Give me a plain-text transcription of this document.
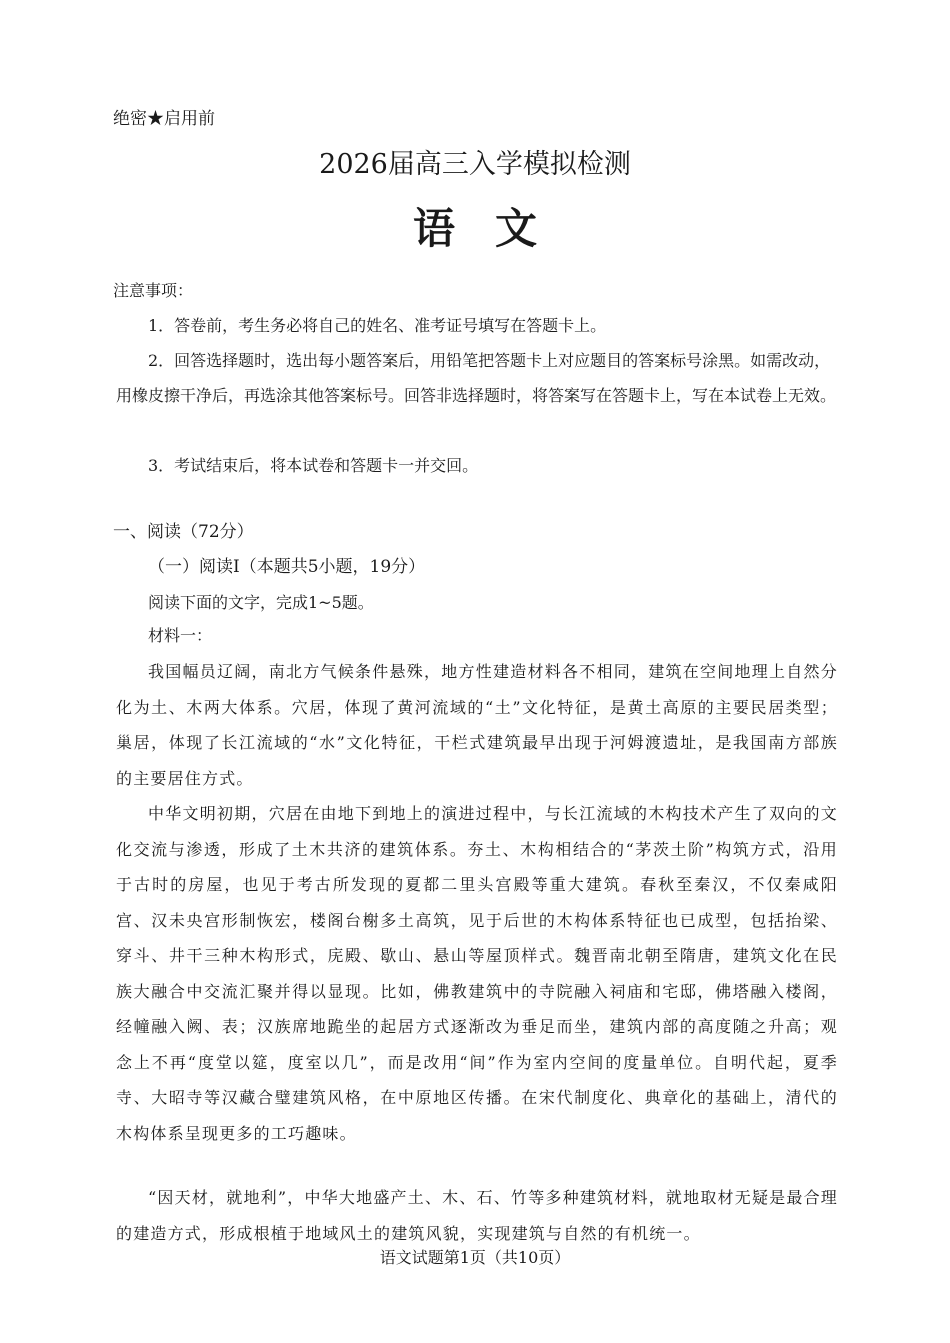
绝密★启用前
2026届高三入学模拟检测
语文
注意事项：
1．答卷前，考生务必将自己的姓名、准考证号填写在答题卡上。
2．回答选择题时，选出每小题答案后，用铅笔把答题卡上对应题目的答案标号涂黑。如需改动，用橡皮擦干净后，再选涂其他答案标号。回答非选择题时，将答案写在答题卡上，写在本试卷上无效。
3．考试结束后，将本试卷和答题卡一并交回。
一、阅读（72分）
（一）阅读Ⅰ（本题共5小题，19分）
阅读下面的文字，完成1~5题。
材料一：
我国幅员辽阔，南北方气候条件悬殊，地方性建造材料各不相同，建筑在空间地理上自然分化为土、木两大体系。穴居，体现了黄河流域的“土”文化特征，是黄土高原的主要民居类型；巢居，体现了长江流域的“水”文化特征，干栏式建筑最早出现于河姆渡遗址，是我国南方部族的主要居住方式。
中华文明初期，穴居在由地下到地上的演进过程中，与长江流域的木构技术产生了双向的文化交流与渗透，形成了土木共济的建筑体系。夯土、木构相结合的“茅茨土阶”构筑方式，沿用于古时的房屋，也见于考古所发现的夏都二里头宫殿等重大建筑。春秋至秦汉，不仅秦咸阳宫、汉未央宫形制恢宏，楼阁台榭多土高筑，见于后世的木构体系特征也已成型，包括抬梁、穿斗、井干三种木构形式，庑殿、歇山、悬山等屋顶样式。魏晋南北朝至隋唐，建筑文化在民族大融合中交流汇聚并得以显现。比如，佛教建筑中的寺院融入祠庙和宅邸，佛塔融入楼阁，经幢融入阙、表；汉族席地跪坐的起居方式逐渐改为垂足而坐，建筑内部的高度随之升高；观念上不再“度堂以筵，度室以几”，而是改用“间”作为室内空间的度量单位。自明代起，夏季寺、大昭寺等汉藏合璧建筑风格，在中原地区传播。在宋代制度化、典章化的基础上，清代的木构体系呈现更多的工巧趣味。
“因天材，就地利”，中华大地盛产土、木、石、竹等多种建筑材料，就地取材无疑是最合理的建造方式，形成根植于地域风土的建筑风貌，实现建筑与自然的有机统一。
语文试题第1页（共10页）
